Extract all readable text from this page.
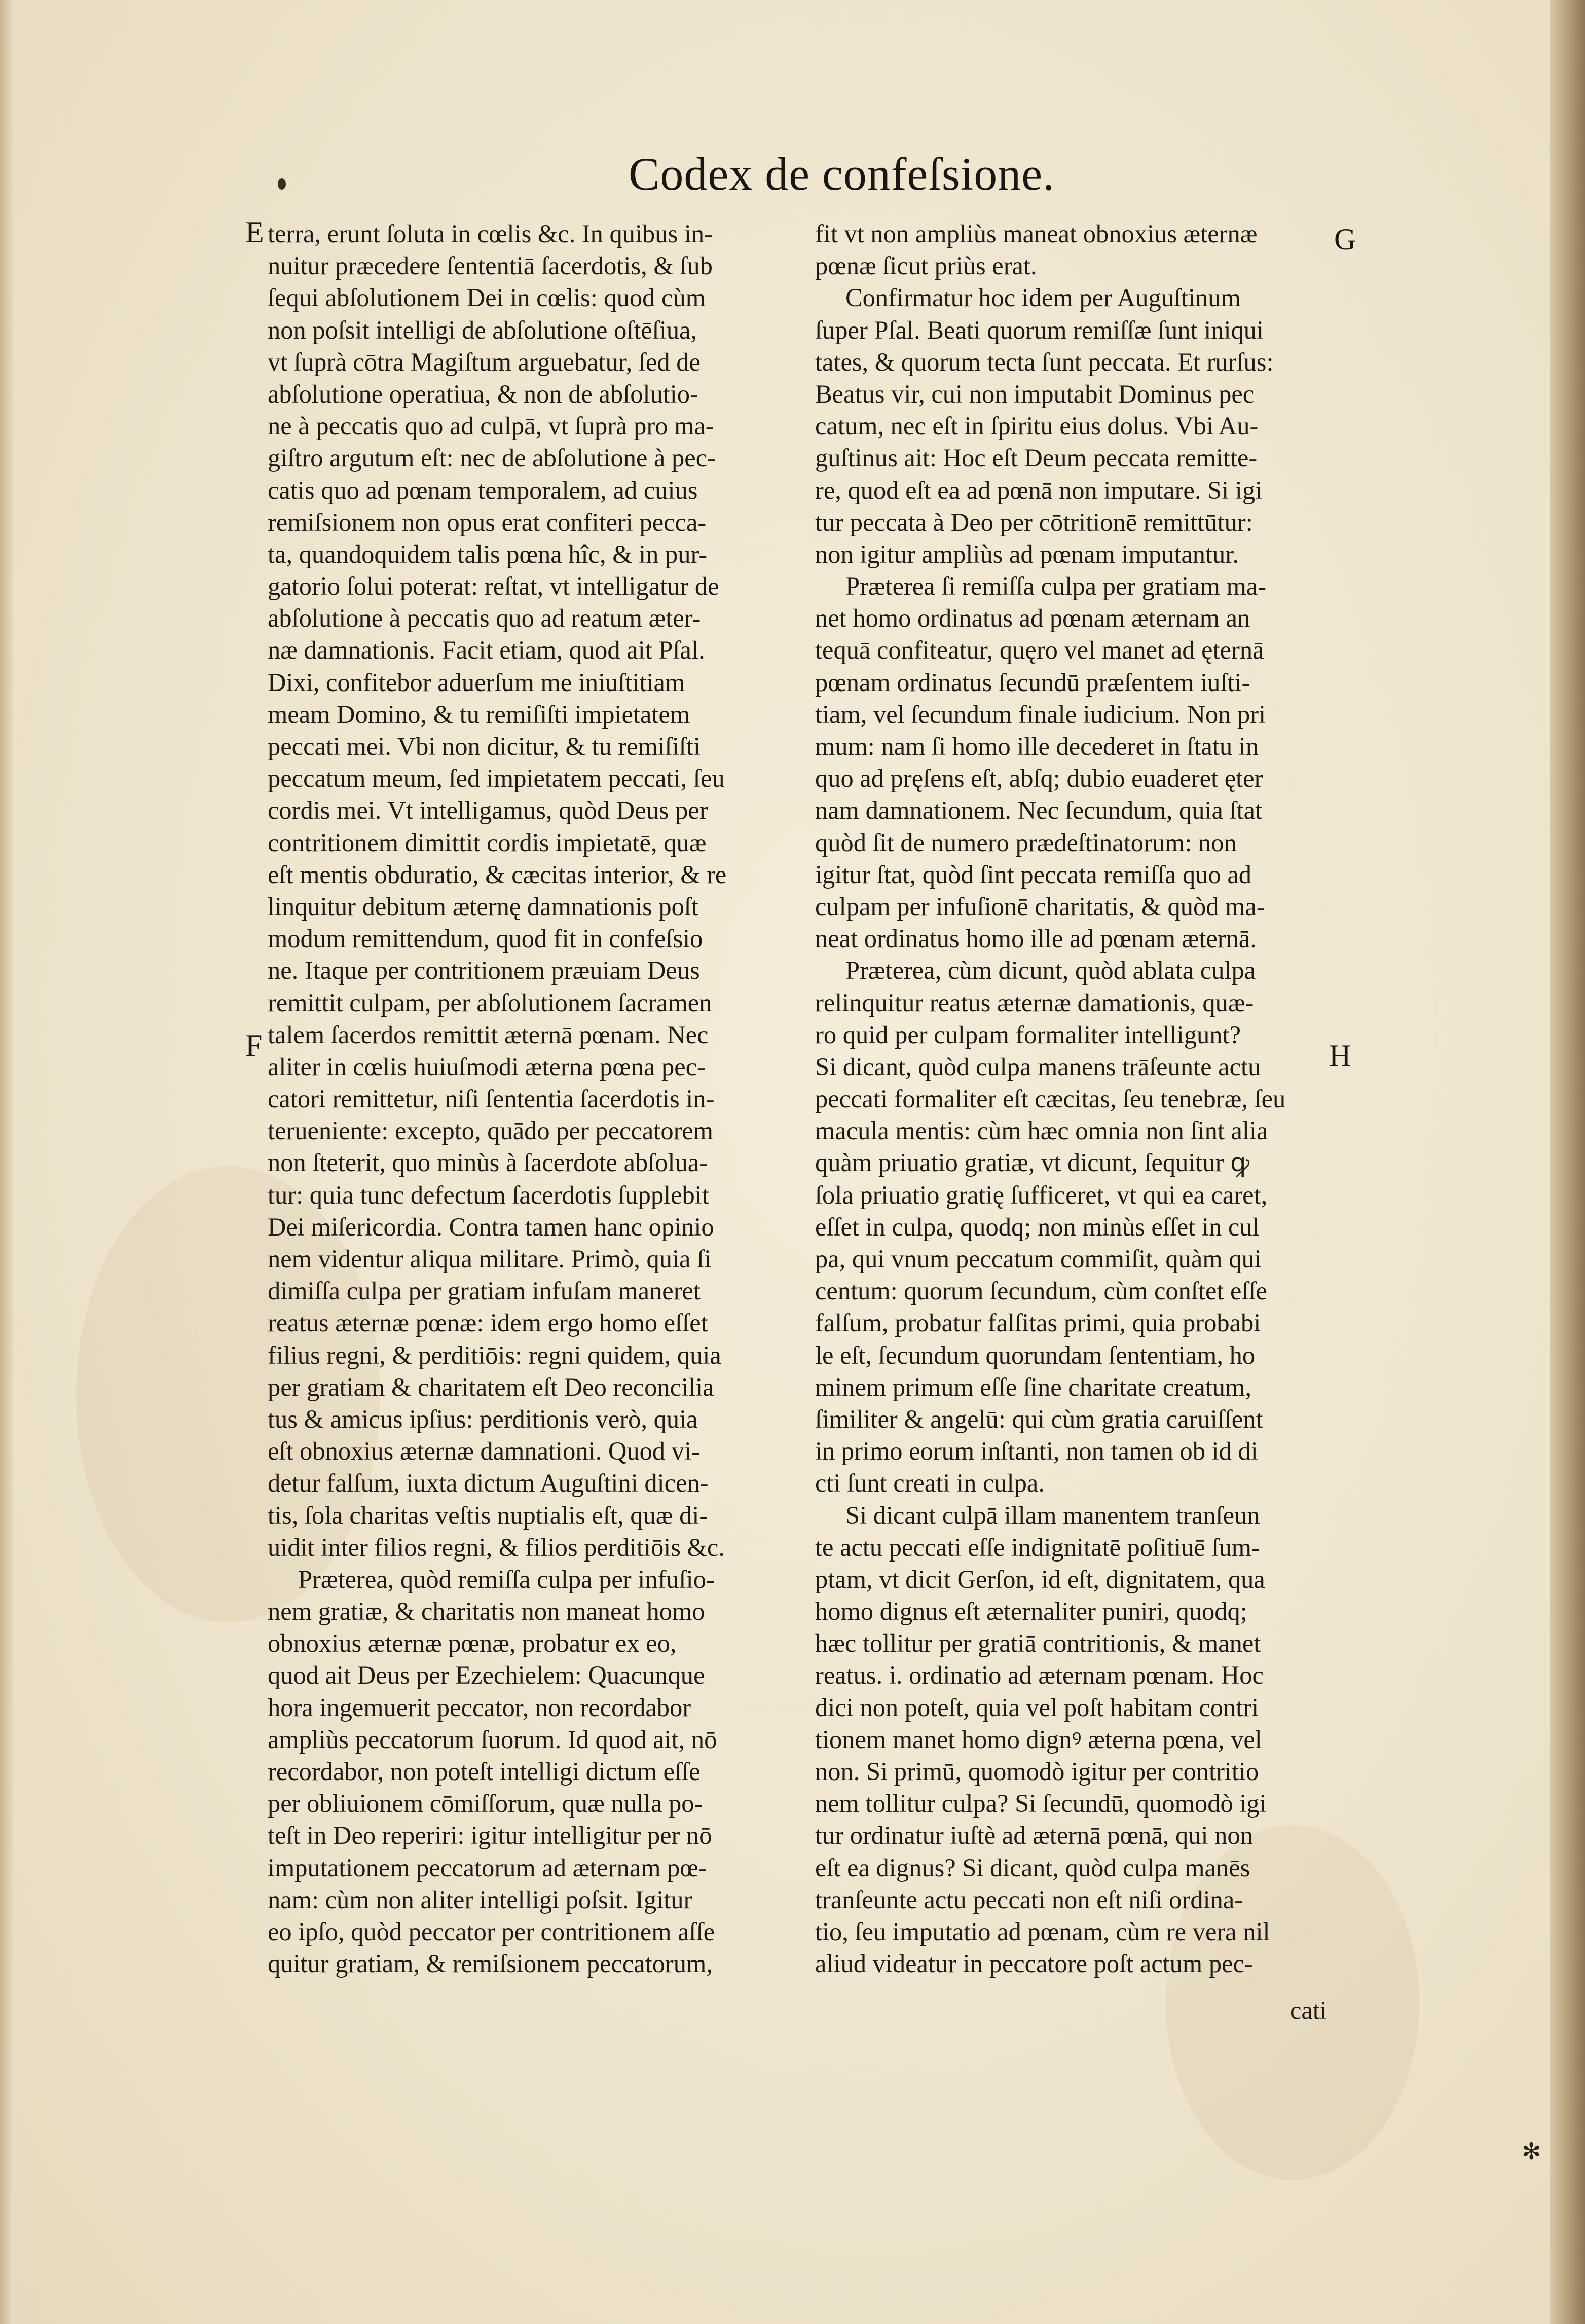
Codex de confeſsione.
E
F
G
H
terra, erunt ſoluta in cœlis &c. In quibus in-
nuitur præcedere ſententiā ſacerdotis, & ſub
ſequi abſolutionem Dei in cœlis: quod cùm
non poſsit intelligi de abſolutione oſtēſiua,
vt ſuprà cōtra Magiſtum arguebatur, ſed de
abſolutione operatiua, & non de abſolutio-
ne à peccatis quo ad culpā, vt ſuprà pro ma-
giſtro argutum eſt: nec de abſolutione à pec-
catis quo ad pœnam temporalem, ad cuius
remiſsionem non opus erat confiteri pecca-
ta, quandoquidem talis pœna hîc, & in pur-
gatorio ſolui poterat: reſtat, vt intelligatur de
abſolutione à peccatis quo ad reatum æter-
næ damnationis. Facit etiam, quod ait Pſal.
Dixi, confitebor aduerſum me iniuſtitiam
meam Domino, & tu remiſiſti impietatem
peccati mei. Vbi non dicitur, & tu remiſiſti
peccatum meum, ſed impietatem peccati, ſeu
cordis mei. Vt intelligamus, quòd Deus per
contritionem dimittit cordis impietatē, quæ
eſt mentis obduratio, & cæcitas interior, & re
linquitur debitum æternę damnationis poſt
modum remittendum, quod fit in confeſsio
ne. Itaque per contritionem præuiam Deus
remittit culpam, per abſolutionem ſacramen
talem ſacerdos remittit æternā pœnam. Nec
aliter in cœlis huiuſmodi æterna pœna pec-
catori remittetur, niſi ſententia ſacerdotis in-
terueniente: excepto, quādo per peccatorem
non ſteterit, quo minùs à ſacerdote abſolua-
tur: quia tunc defectum ſacerdotis ſupplebit
Dei miſericordia. Contra tamen hanc opinio
nem videntur aliqua militare. Primò, quia ſi
dimiſſa culpa per gratiam infuſam maneret
reatus æternæ pœnæ: idem ergo homo eſſet
filius regni, & perditiōis: regni quidem, quia
per gratiam & charitatem eſt Deo reconcilia
tus & amicus ipſius: perditionis verò, quia
eſt obnoxius æternæ damnationi. Quod vi-
detur falſum, iuxta dictum Auguſtini dicen-
tis, ſola charitas veſtis nuptialis eſt, quæ di-
uidit inter filios regni, & filios perditiōis &c.
Præterea, quòd remiſſa culpa per infuſio-
nem gratiæ, & charitatis non maneat homo
obnoxius æternæ pœnæ, probatur ex eo,
quod ait Deus per Ezechielem: Quacunque
hora ingemuerit peccator, non recordabor
ampliùs peccatorum ſuorum. Id quod ait, nō
recordabor, non poteſt intelligi dictum eſſe
per obliuionem cōmiſſorum, quæ nulla po-
teſt in Deo reperiri: igitur intelligitur per nō
imputationem peccatorum ad æternam pœ-
nam: cùm non aliter intelligi poſsit. Igitur
eo ipſo, quòd peccator per contritionem aſſe
quitur gratiam, & remiſsionem peccatorum,
fit vt non ampliùs maneat obnoxius æternæ
pœnæ ſicut priùs erat.
Confirmatur hoc idem per Auguſtinum
ſuper Pſal. Beati quorum remiſſæ ſunt iniqui
tates, & quorum tecta ſunt peccata. Et rurſus:
Beatus vir, cui non imputabit Dominus pec
catum, nec eſt in ſpiritu eius dolus. Vbi Au-
guſtinus ait: Hoc eſt Deum peccata remitte-
re, quod eſt ea ad pœnā non imputare. Si igi
tur peccata à Deo per cōtritionē remittūtur:
non igitur ampliùs ad pœnam imputantur.
Præterea ſi remiſſa culpa per gratiam ma-
net homo ordinatus ad pœnam æternam an
tequā confiteatur, quęro vel manet ad ęternā
pœnam ordinatus ſecundū præſentem iuſti-
tiam, vel ſecundum finale iudicium. Non pri
mum: nam ſi homo ille decederet in ſtatu in
quo ad pręſens eſt, abſq; dubio euaderet ęter
nam damnationem. Nec ſecundum, quia ſtat
quòd ſit de numero prædeſtinatorum: non
igitur ſtat, quòd ſint peccata remiſſa quo ad
culpam per infuſionē charitatis, & quòd ma-
neat ordinatus homo ille ad pœnam æternā.
Præterea, cùm dicunt, quòd ablata culpa
relinquitur reatus æternæ damationis, quæ-
ro quid per culpam formaliter intelligunt?
Si dicant, quòd culpa manens trāſeunte actu
peccati formaliter eſt cæcitas, ſeu tenebræ, ſeu
macula mentis: cùm hæc omnia non ſint alia
quàm priuatio gratiæ, vt dicunt, ſequitur ꝙ
ſola priuatio gratię ſufficeret, vt qui ea caret,
eſſet in culpa, quodq; non minùs eſſet in cul
pa, qui vnum peccatum commiſit, quàm qui
centum: quorum ſecundum, cùm conſtet eſſe
falſum, probatur falſitas primi, quia probabi
le eſt, ſecundum quorundam ſententiam, ho
minem primum eſſe ſine charitate creatum,
ſimiliter & angelū: qui cùm gratia caruiſſent
in primo eorum inſtanti, non tamen ob id di
cti ſunt creati in culpa.
Si dicant culpā illam manentem tranſeun
te actu peccati eſſe indignitatē poſitiuē ſum-
ptam, vt dicit Gerſon, id eſt, dignitatem, qua
homo dignus eſt æternaliter puniri, quodq;
hæc tollitur per gratiā contritionis, & manet
reatus. i. ordinatio ad æternam pœnam. Hoc
dici non poteſt, quia vel poſt habitam contri
tionem manet homo dignꝰ æterna pœna, vel
non. Si primū, quomodò igitur per contritio
nem tollitur culpa? Si ſecundū, quomodò igi
tur ordinatur iuſtè ad æternā pœnā, qui non
eſt ea dignus? Si dicant, quòd culpa manēs
tranſeunte actu peccati non eſt niſi ordina-
tio, ſeu imputatio ad pœnam, cùm re vera nil
aliud videatur in peccatore poſt actum pec-
cati
✻
